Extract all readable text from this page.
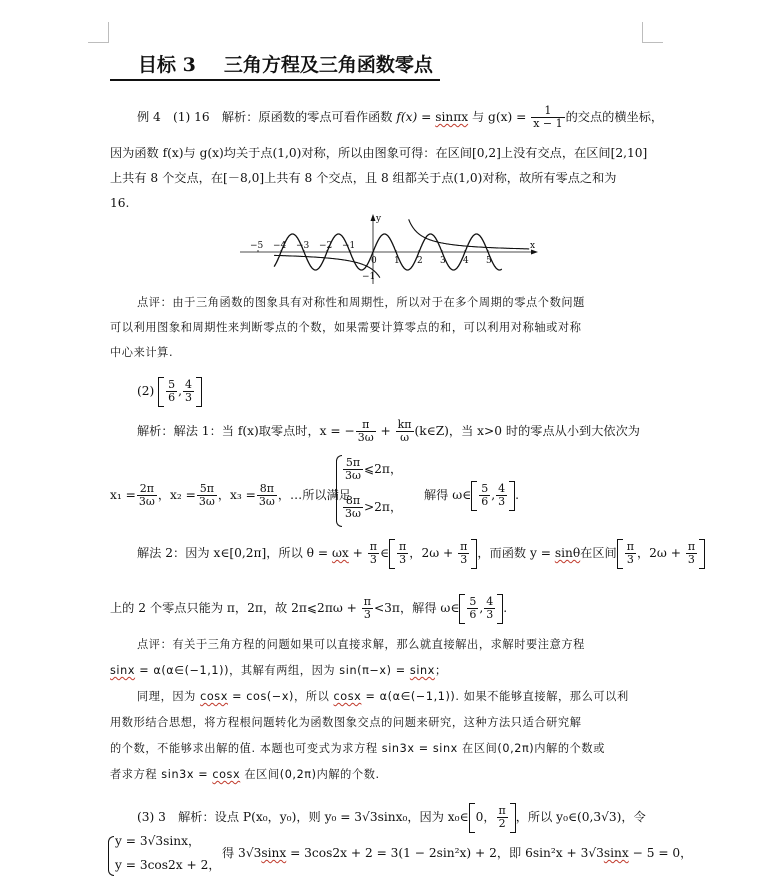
目标 3 三角方程及三角函数零点
例 4　(1) 16　解析：原函数的零点可看作函数 f(x) = sinπx 与 $g(x) = \frac{1}{x - 1}$ 的交点的横坐标，
因为函数 f(x)与 g(x)均关于点(1,0)对称，所以由图象可得：在区间[0,2]上没有交点，在区间[2,10]
上共有 8 个交点，在[－8,0]上共有 8 个交点，且 8 组都关于点(1,0)对称，故所有零点之和为
16.
−5 −4 −3 −2 −1
0 1 2 3 4 5
x
y
−1
点评：由于三角函数的图象具有对称性和周期性，所以对于在多个周期的零点个数问题
可以利用图象和周期性来判断零点的个数，如果需要计算零点的和，可以利用对称轴或对称
中心来计算.
$(2) \frac{5}{6}$ , $\frac{4}{3}$
解析：解法 1：当 f(x)取零点时，x = − $\frac{\pi}{3\omega} + \frac{k\pi}{\omega}$ (k∈Z)，当 x>0 时的零点从小到大依次为
$x_1 = \frac{2\pi}{3\omega}$ ，$x_2 = \frac{5\pi}{3\omega}$ ，$x_3 = \frac{8\pi}{3\omega}$ ，…所以满足
$\frac{5\pi}{3\omega}$ ⩽2π，
$\frac{8\pi}{3\omega} >2\pi$，
解得 ω∈ $\frac{5}{6}$ , $\frac{4}{3}$ .
解法 2：因为 x∈[0,2π]，所以 $\theta = \omega x + \frac{\pi}{3}$ ∈ $\frac{\pi}{3}$ ，$2\omega + \frac{\pi}{3}$ ，而函数 y = sinθ在区间 $\frac{\pi}{3}$ ，$2\omega + \frac{\pi}{3}$
上的 2 个零点只能为 π，2π，故 2π⩽2πω + $\frac{\pi}{3} <3\pi$，解得 ω∈ $\frac{5}{6}$ , $\frac{4}{3}$ .
点评：有关于三角方程的问题如果可以直接求解，那么就直接解出，求解时要注意方程
sinx = α(α∈(−1,1))，其解有两组，因为 sin(π−x) = sinx；
同理，因为 cosx = cos(−x)，所以 cosx = α(α∈(−1,1)). 如果不能够直接解，那么可以利
用数形结合思想，将方程根问题转化为函数图象交点的问题来研究，这种方法只适合研究解
的个数，不能够求出解的值. 本题也可变式为求方程 sin3x = sinx 在区间(0,2π)内解的个数或
者求方程 sin3x = cosx 在区间(0,2π)内解的个数.
(3) 3　解析：设点 P(x₀，y₀)，则 y₀ = 3√3sinx₀，因为 x₀∈ 0， $\frac{\pi}{2}$ ，所以 y₀∈(0,3√3)，令
y = 3√3sinx，
y = 3cos2x + 2，
得 3√3sinx = 3cos2x + 2 = 3(1 − 2sin²x) + 2，即 6sin²x + 3√3sinx − 5 = 0，
